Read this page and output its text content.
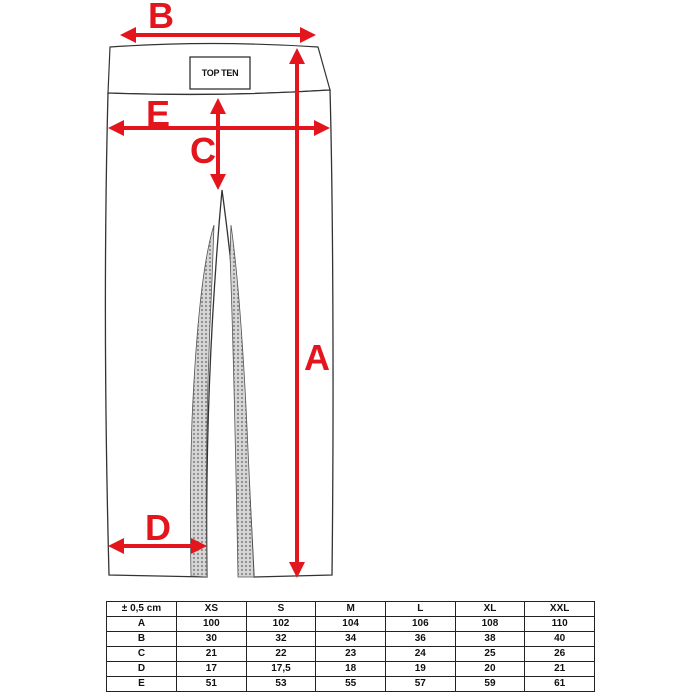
TOP TEN
B
E
C
A
D
± 0,5 cm	XS	S	M	L	XL	XXL
A	100	102	104	106	108	110
B	30	32	34	36	38	40
C	21	22	23	24	25	26
D	17	17,5	18	19	20	21
E	51	53	55	57	59	61
